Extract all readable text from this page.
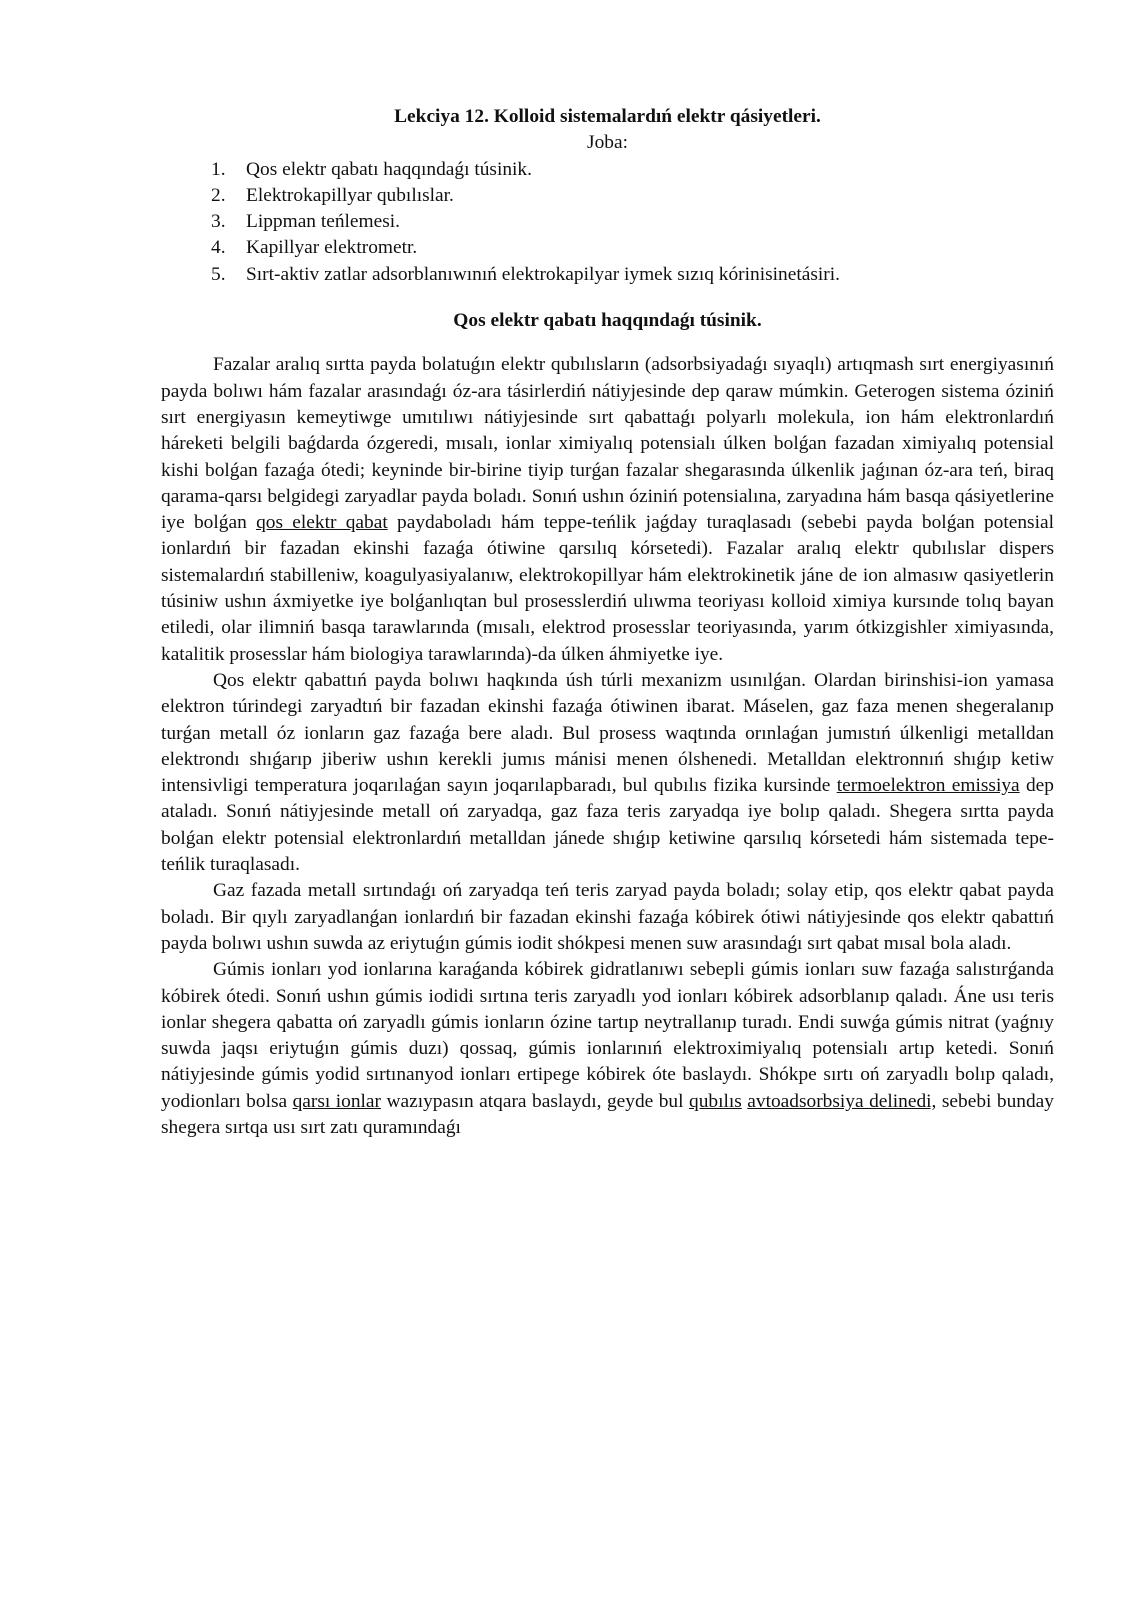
Lekciya 12. Kolloid sistemalardıń elektr qásiyetleri.

Joba:

1. Qos elektr qabatı haqqındaǵı túsinik.
2. Elektrokapillyar qubılıslar.
3. Lippman teńlemesi.
4. Kapillyar elektrometr.
5. Sırt-aktiv zatlar adsorblanıwınıń elektrokapilyar iymek sızıq kórinisinetásiri.

Qos elektr qabatı haqqındaǵı túsinik.

Fazalar aralıq sırtta payda bolatuǵın elektr qubılısların (adsorbsiyadaǵı sıyaqlı) artıqmash sırt energiyasınıń payda bolıwı hám fazalar arasındaǵı óz-ara tásirlerdiń nátiyjesinde dep qaraw múmkin. Geterogen sistema óziniń sırt energiyasın kemeytiwge umıtılıwı nátiyjesinde sırt qabattaǵı polyarlı molekula, ion hám elektronlardıń háreketi belgili baǵdarda ózgeredi, mısalı, ionlar ximiyalıq potensialı úlken bolǵan fazadan ximiyalıq potensial kishi bolǵan fazaǵa ótedi; keyninde bir-birine tiyip turǵan fazalar shegarasında úlkenlik jaǵınan óz-ara teń, biraq qarama-qarsı belgidegi zaryadlar payda boladı. Sonıń ushın óziniń potensialına, zaryadına hám basqa qásiyetlerine iye bolǵan qos elektr qabat paydaboladı hám teppe-teńlik jaǵday turaqlasadı (sebebi payda bolǵan potensial ionlardıń bir fazadan ekinshi fazaǵa ótiwine qarsılıq kórsetedi). Fazalar aralıq elektr qubılıslar dispers sistemalardıń stabilleniw, koagulyasiyalanıw, elektrokopillyar hám elektrokinetik jáne de ion almasıw qasiyetlerin túsiniw ushın áxmiyetke iye bolǵanlıqtan bul prosesslerdiń ulıwma teoriyası kolloid ximiya kursınde tolıq bayan etiledi, olar ilimniń basqa tarawlarında (mısalı, elektrod prosesslar teoriyasında, yarım ótkizgishler ximiyasında, katalitik prosesslar hám biologiya tarawlarında)-da úlken áhmiyetke iye.

Qos elektr qabattıń payda bolıwı haqkında úsh túrli mexanizm usınılǵan. Olardan birinshisi-ion yamasa elektron túrindegi zaryadtıń bir fazadan ekinshi fazaǵa ótiwinen ibarat. Máselen, gaz faza menen shegeralanıp turǵan metall óz ionların gaz fazaǵa bere aladı. Bul prosess waqtında orınlaǵan jumıstıń úlkenligi metalldan elektrondı shıǵarıp jiberiw ushın kerekli jumıs mánisi menen ólshenedi. Metalldan elektronnıń shıǵıp ketiw intensivligi temperatura joqarılaǵan sayın joqarılapbaradı, bul qubılıs fizika kursinde termoelektron emissiya dep ataladı. Sonıń nátiyjesinde metall oń zaryadqa, gaz faza teris zaryadqa iye bolıp qaladı. Shegera sırtta payda bolǵan elektr potensial elektronlardıń metalldan jánede shıǵıp ketiwine qarsılıq kórsetedi hám sistemada tepe-teńlik turaqlasadı.

Gaz fazada metall sırtındaǵı oń zaryadqa teń teris zaryad payda boladı; solay etip, qos elektr qabat payda boladı. Bir qıylı zaryadlanǵan ionlardıń bir fazadan ekinshi fazaǵa kóbirek ótiwi nátiyjesinde qos elektr qabattıń payda bolıwı ushın suwda az eriytuǵın gúmis iodit shókpesi menen suw arasındaǵı sırt qabat mısal bola aladı.

Gúmis ionları yod ionlarına karaǵanda kóbirek gidratlanıwı sebepli gúmis ionları suw fazaǵa salıstırǵanda kóbirek ótedi. Sonıń ushın gúmis iodidi sırtına teris zaryadlı yod ionları kóbirek adsorblanıp qaladı. Áne usı teris ionlar shegera qabatta oń zaryadlı gúmis ionların ózine tartıp neytrallanıp turadı. Endi suwǵa gúmis nitrat (yaǵnıy suwda jaqsı eriytuǵın gúmis duzı) qossaq, gúmis ionlarınıń elektroximiyalıq potensialı artıp ketedi. Sonıń nátiyjesinde gúmis yodid sırtınanyod ionları ertipege kóbirek óte baslaydı. Shókpe sırtı oń zaryadlı bolıp qaladı, yodionları bolsa qarsı ionlar wazıypasın atqara baslaydı, geyde bul qubılıs avtoadsorbsiya delinedi, sebebi bunday shegera sırtqa usı sırt zatı quramındaǵı
